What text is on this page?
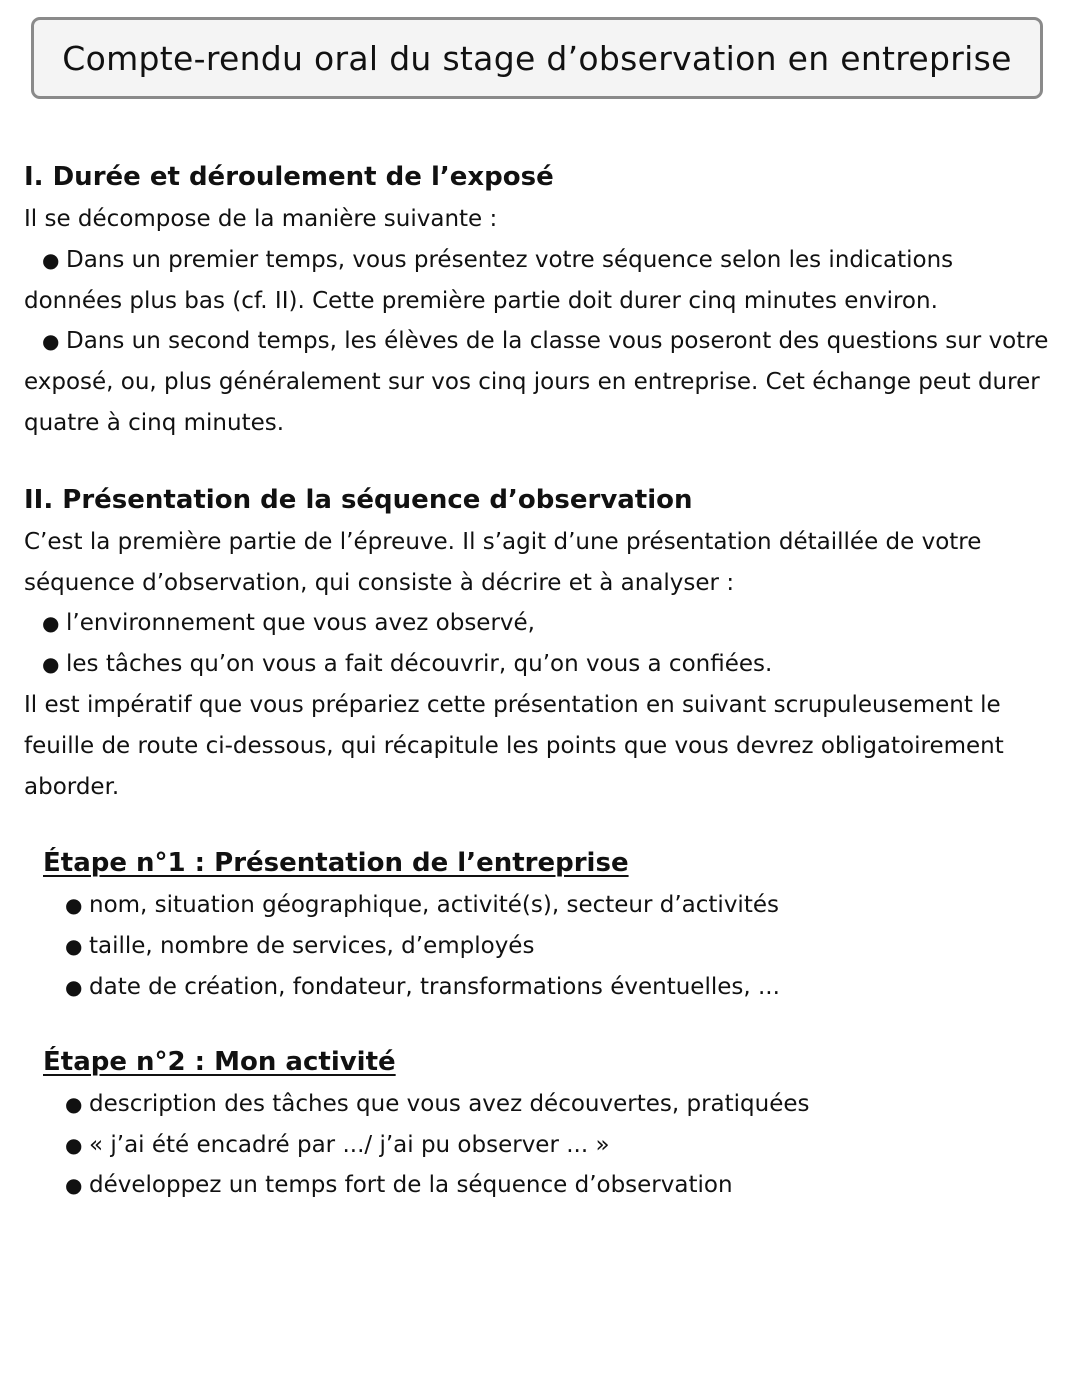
Compte-rendu oral du stage d’observation en entreprise
I. Durée et déroulement de l’exposé

Il se décompose de la manière suivante :

● Dans un premier temps, vous présentez votre séquence selon les indications données plus bas (cf. II). Cette première partie doit durer cinq minutes environ.

● Dans un second temps, les élèves de la classe vous poseront des questions sur votre exposé, ou, plus généralement sur vos cinq jours en entreprise. Cet échange peut durer quatre à cinq minutes.

II. Présentation de la séquence d’observation

C’est la première partie de l’épreuve. Il s’agit d’une présentation détaillée de votre séquence d’observation, qui consiste à décrire et à analyser :

● l’environnement que vous avez observé,
● les tâches qu’on vous a fait découvrir, qu’on vous a confiées.

Il est impératif que vous prépariez cette présentation en suivant scrupuleusement le feuille de route ci-dessous, qui récapitule les points que vous devrez obligatoirement aborder.

Étape n°1 : Présentation de l’entreprise
● nom, situation géographique, activité(s), secteur d’activités
● taille, nombre de services, d’employés
● date de création, fondateur, transformations éventuelles, ...
Étape n°2 : Mon activité
● description des tâches que vous avez découvertes, pratiquées
● « j’ai été encadré par .../ j’ai pu observer ... »
● développez un temps fort de la séquence d’observation
